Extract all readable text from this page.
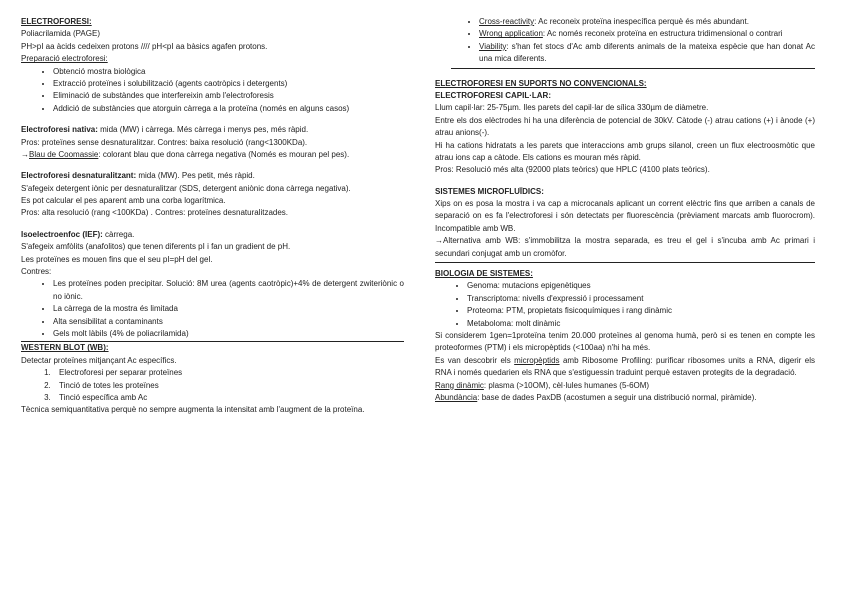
ELECTROFORESI:

Poliacrilamida (PAGE)

PH>pI aa àcids cedeixen protons //// pH<pI aa bàsics agafen protons.

Preparació electroforesi:

• Obtenció mostra biològica
• Extracció proteïnes i solubilització (agents caotròpics i detergents)
• Eliminació de substàndes que interfereixin amb l'electroforesis
• Addició de substàncies que atorguin càrrega a la proteïna (només en alguns casos)

Electroforesi nativa: mida (MW) i càrrega. Més càrrega i menys pes, més ràpid.

Pros: proteïnes sense desnaturalitzar. Contres: baixa resolució (rang<1300KDa).

→Blau de Coomassie: colorant blau que dona càrrega negativa (Només es mouran pel pes).

Electroforesi desnaturalitzant: mida (MW). Pes petit, més ràpid.

S'afegeix detergent iònic per desnaturalitzar (SDS, detergent aniònic dona càrrega negativa).

Es pot calcular el pes aparent amb una corba logarítmica.

Pros: alta resolució (rang <100KDa) . Contres: proteïnes desnaturalitzades.

Isoelectroenfoc (IEF): càrrega.

S'afegeix amfòlits (anafolitos) que tenen diferents pI i fan un gradient de pH.

Les proteïnes es mouen fins que el seu pI=pH del gel.

Contres:

• Les proteïnes poden precipitar. Solució: 8M urea (agents caotròpic)+4% de detergent zwiteriònic o no iònic.
• La càrrega de la mostra és limitada
• Alta sensibilitat a contaminants
• Gels molt làbils (4% de poliacrilamida)

WESTERN BLOT (WB):

Detectar proteïnes mitjançant Ac específics.

1. Electroforesi per separar proteïnes
2. Tinció de totes les proteïnes
3. Tinció específica amb Ac

Tècnica semiquantitativa perquè no sempre augmenta la intensitat amb l'augment de la proteïna.

• Cross-reactivity: Ac reconeix proteïna inespecífica perquè és més abundant.
• Wrong application: Ac només reconeix proteïna en estructura tridimensional o contrari
• Viability: s'han fet stocs d'Ac amb diferents animals de la mateixa espècie que han donat Ac una mica diferents.

ELECTROFORESI EN SUPORTS NO CONVENCIONALS:

ELECTROFORESI CAPIL·LAR:

Llum capil·lar: 25-75µm. Iles parets del capil·lar de sílica 330µm de diàmetre.

Entre els dos elèctrodes hi ha una diferència de potencial de 30kV. Càtode (-) atrau cations (+) i ànode (+) atrau anions(-).

Hi ha cations hidratats a les parets que interaccions amb grups silanol, creen un flux electroosmòtic que atrau ions cap a càtode. Els cations es mouran més ràpid.

Pros: Resolució més alta (92000 plats teòrics) que HPLC (4100 plats teòrics).

SISTEMES MICROFLUÏDICS:

Xips on es posa la mostra i va cap a microcanals aplicant un corrent elèctric fins que arriben a canals de separació on es fa l'electroforesi i són detectats per fluorescència (prèviament marcats amb fluorocrom). Incompatible amb WB.

→Alternativa amb WB: s'immobilitza la mostra separada, es treu el gel i s'incuba amb Ac primari i secundari conjugat amb un cromòfor.

BIOLOGIA DE SISTEMES:

• Genoma: mutacions epigenètiques
• Transcriptoma: nivells d'expressió i processament
• Proteoma: PTM, propietats fisicoquímiques i rang dinàmic
• Metaboloma: molt dinàmic

Si considerem 1gen=1proteïna tenim 20.000 proteïnes al genoma humà, però si es tenen en compte les proteoformes (PTM) i els micropèptids (<100aa) n'hi ha més.

Es van descobrir els micropèptids amb Ribosome Profiling: purificar ribosomes units a RNA, digerir els RNA i només quedarien els RNA que s'estiguessin traduint perquè estaven protegits de la degradació.

Rang dinàmic: plasma (>10OM), cèl·lules humanes (5-6OM)

Abundància: base de dades PaxDB (acostumen a seguir una distribució normal, piràmide).
